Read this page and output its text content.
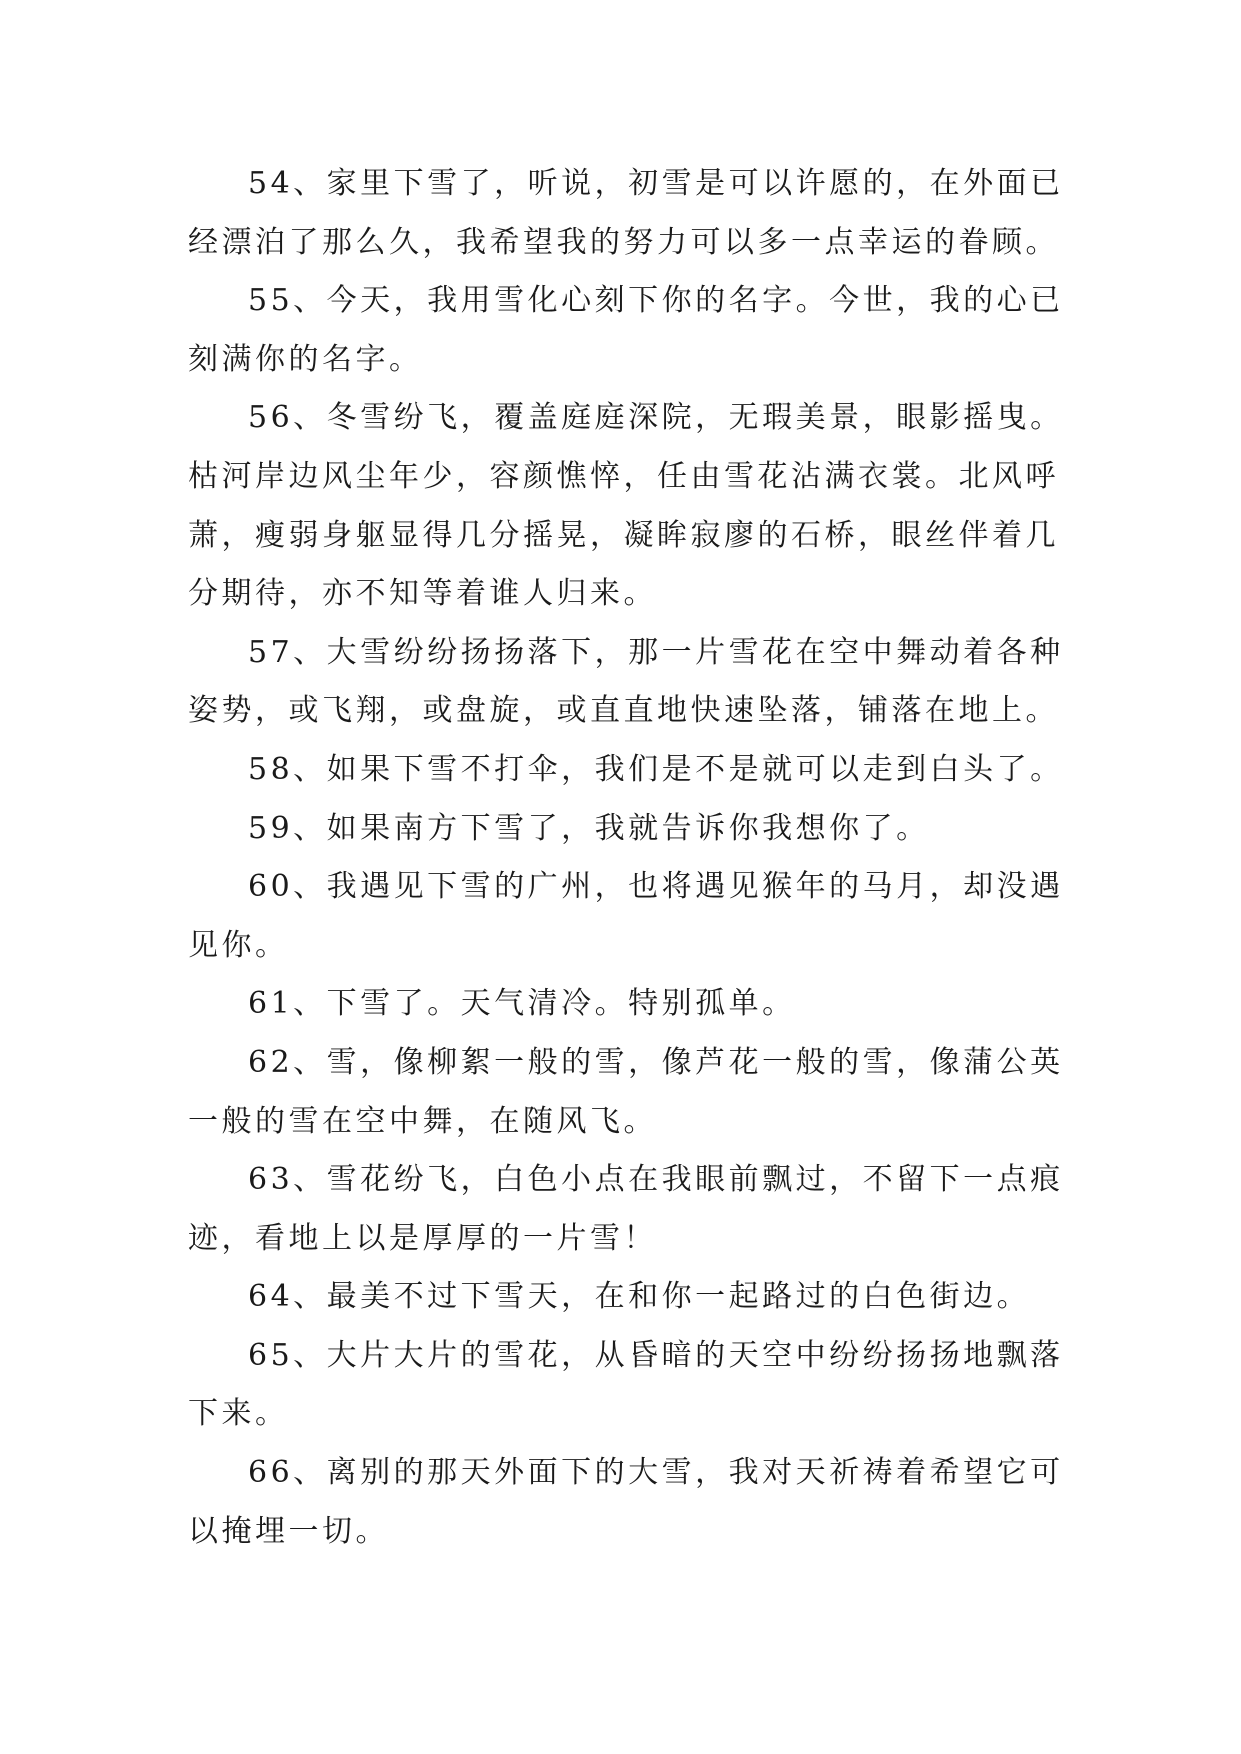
54、家里下雪了，听说，初雪是可以许愿的，在外面已
经漂泊了那么久，我希望我的努力可以多一点幸运的眷顾。
55、今天，我用雪化心刻下你的名字。今世，我的心已
刻满你的名字。
56、冬雪纷飞，覆盖庭庭深院，无瑕美景，眼影摇曳。
枯河岸边风尘年少，容颜憔悴，任由雪花沾满衣裳。北风呼
萧，瘦弱身躯显得几分摇晃，凝眸寂廖的石桥，眼丝伴着几
分期待，亦不知等着谁人归来。
57、大雪纷纷扬扬落下，那一片雪花在空中舞动着各种
姿势，或飞翔，或盘旋，或直直地快速坠落，铺落在地上。
58、如果下雪不打伞，我们是不是就可以走到白头了。
59、如果南方下雪了，我就告诉你我想你了。
60、我遇见下雪的广州，也将遇见猴年的马月，却没遇
见你。
61、下雪了。天气清冷。特别孤单。
62、雪，像柳絮一般的雪，像芦花一般的雪，像蒲公英
一般的雪在空中舞，在随风飞。
63、雪花纷飞，白色小点在我眼前飘过，不留下一点痕
迹，看地上以是厚厚的一片雪！
64、最美不过下雪天，在和你一起路过的白色街边。
65、大片大片的雪花，从昏暗的天空中纷纷扬扬地飘落
下来。
66、离别的那天外面下的大雪，我对天祈祷着希望它可
以掩埋一切。
